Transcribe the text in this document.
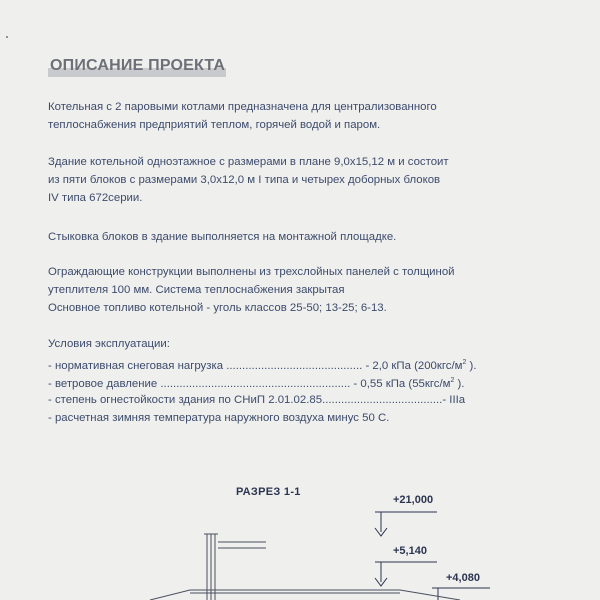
ОПИСАНИЕ ПРОЕКТА
Котельная с 2 паровыми котлами предназначена для централизованного
теплоснабжения предприятий теплом, горячей водой и паром.
Здание котельной одноэтажное с размерами в плане 9,0х15,12 м и состоит
из пяти блоков с размерами 3,0х12,0 м I типа и четырех доборных блоков
IV типа 672серии.
Стыковка блоков в здание выполняется на монтажной площадке.
Ограждающие конструкции выполнены из трехслойных панелей с толщиной
утеплителя 100 мм. Система теплоснабжения закрытая
Основное топливо котельной - уголь классов 25-50; 13-25; 6-13.
Условия эксплуатации:
- нормативная снеговая нагрузка ........................................... - 2,0 кПа ($200кгс/м^2$ ).
- ветровое давление ............................................................ - 0,55 кПа ($55кгс/м^2$ ).
- степень огнестойкости здания по СНиП 2.01.02.85......................................- IIIа
- расчетная зимняя температура наружного воздуха минус 50 С.
РАЗРЕЗ 1-1
+21,000
+5,140
+4,080
